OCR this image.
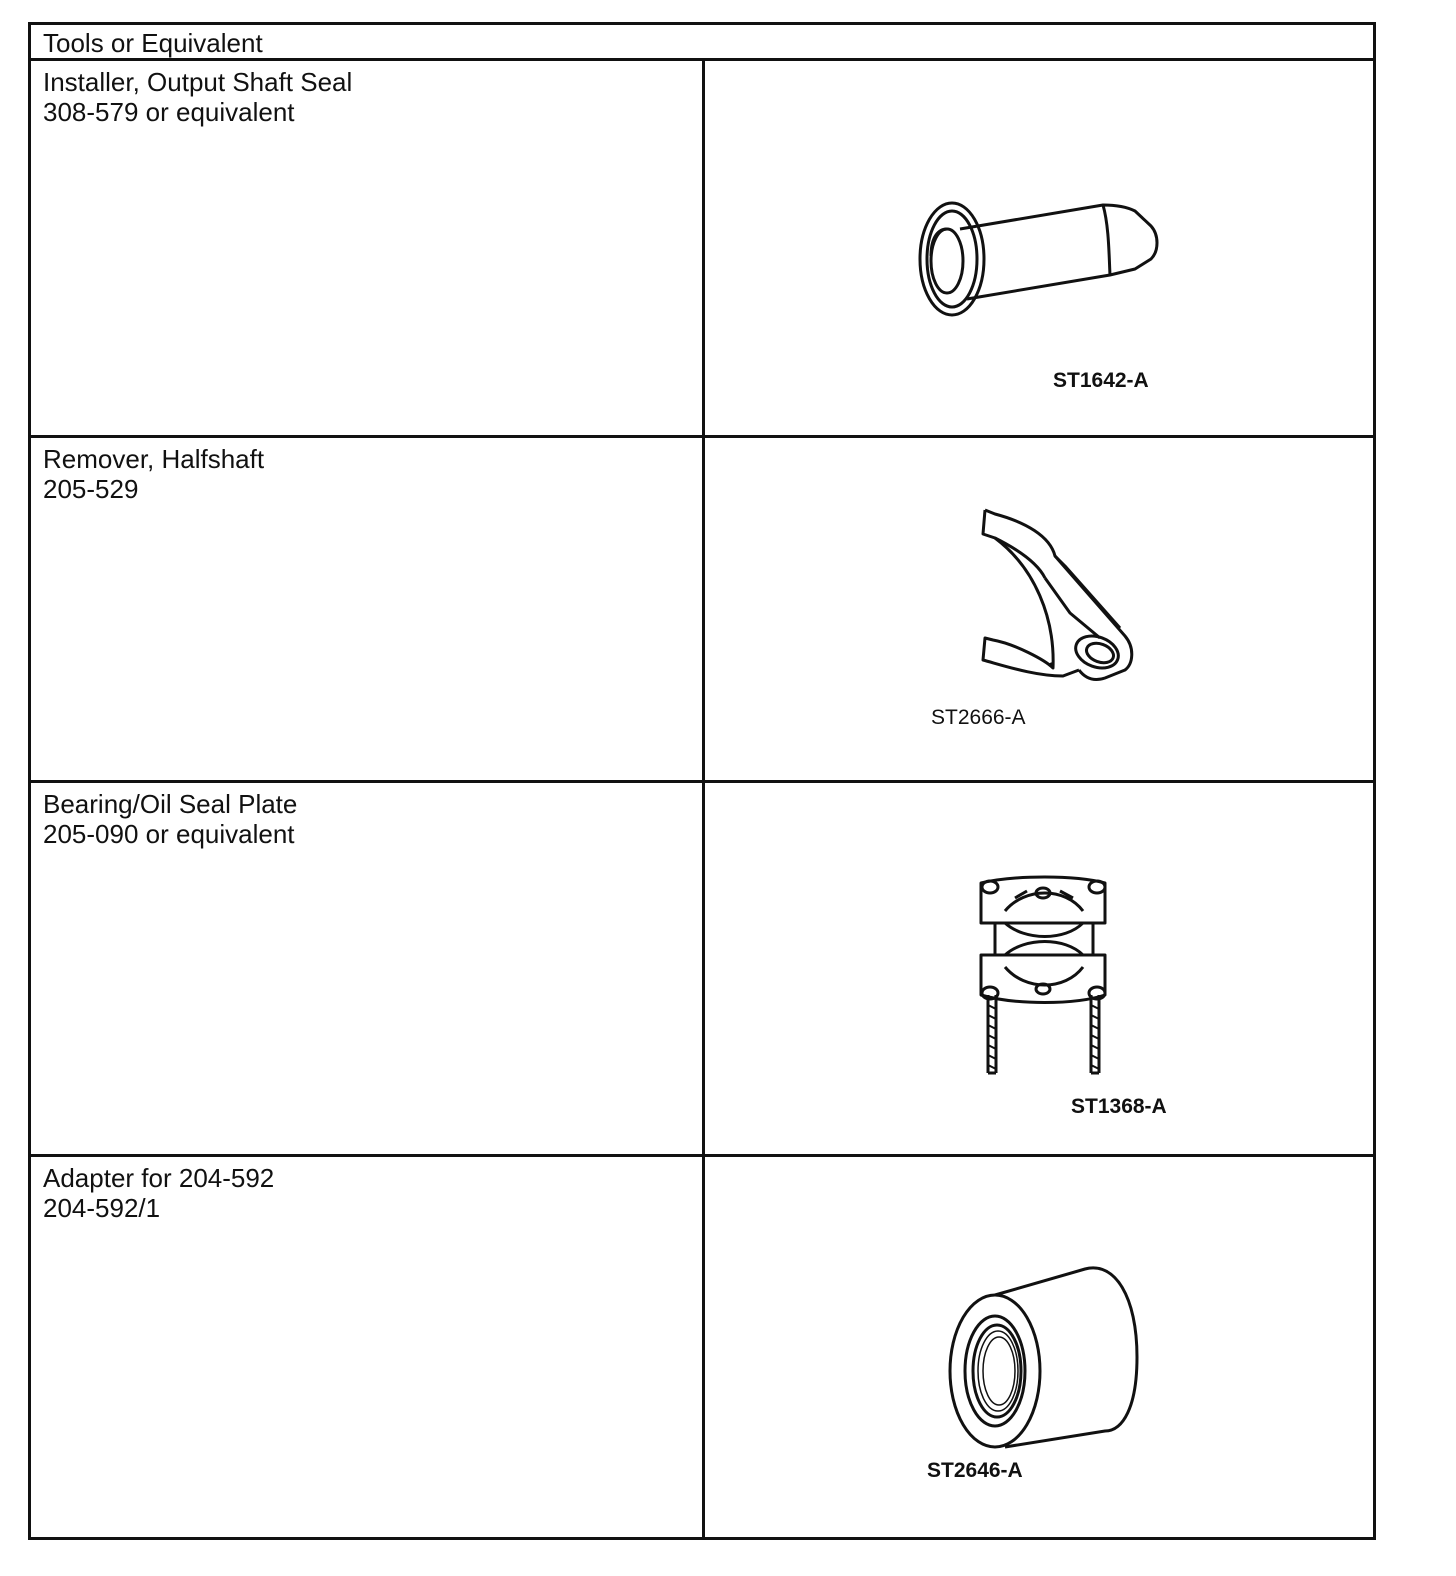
Tools or Equivalent
Installer, Output Shaft Seal
308-579 or equivalent
ST1642-A
Remover, Halfshaft
205-529
ST2666-A
Bearing/Oil Seal Plate
205-090 or equivalent
ST1368-A
Adapter for 204-592
204-592/1
ST2646-A
